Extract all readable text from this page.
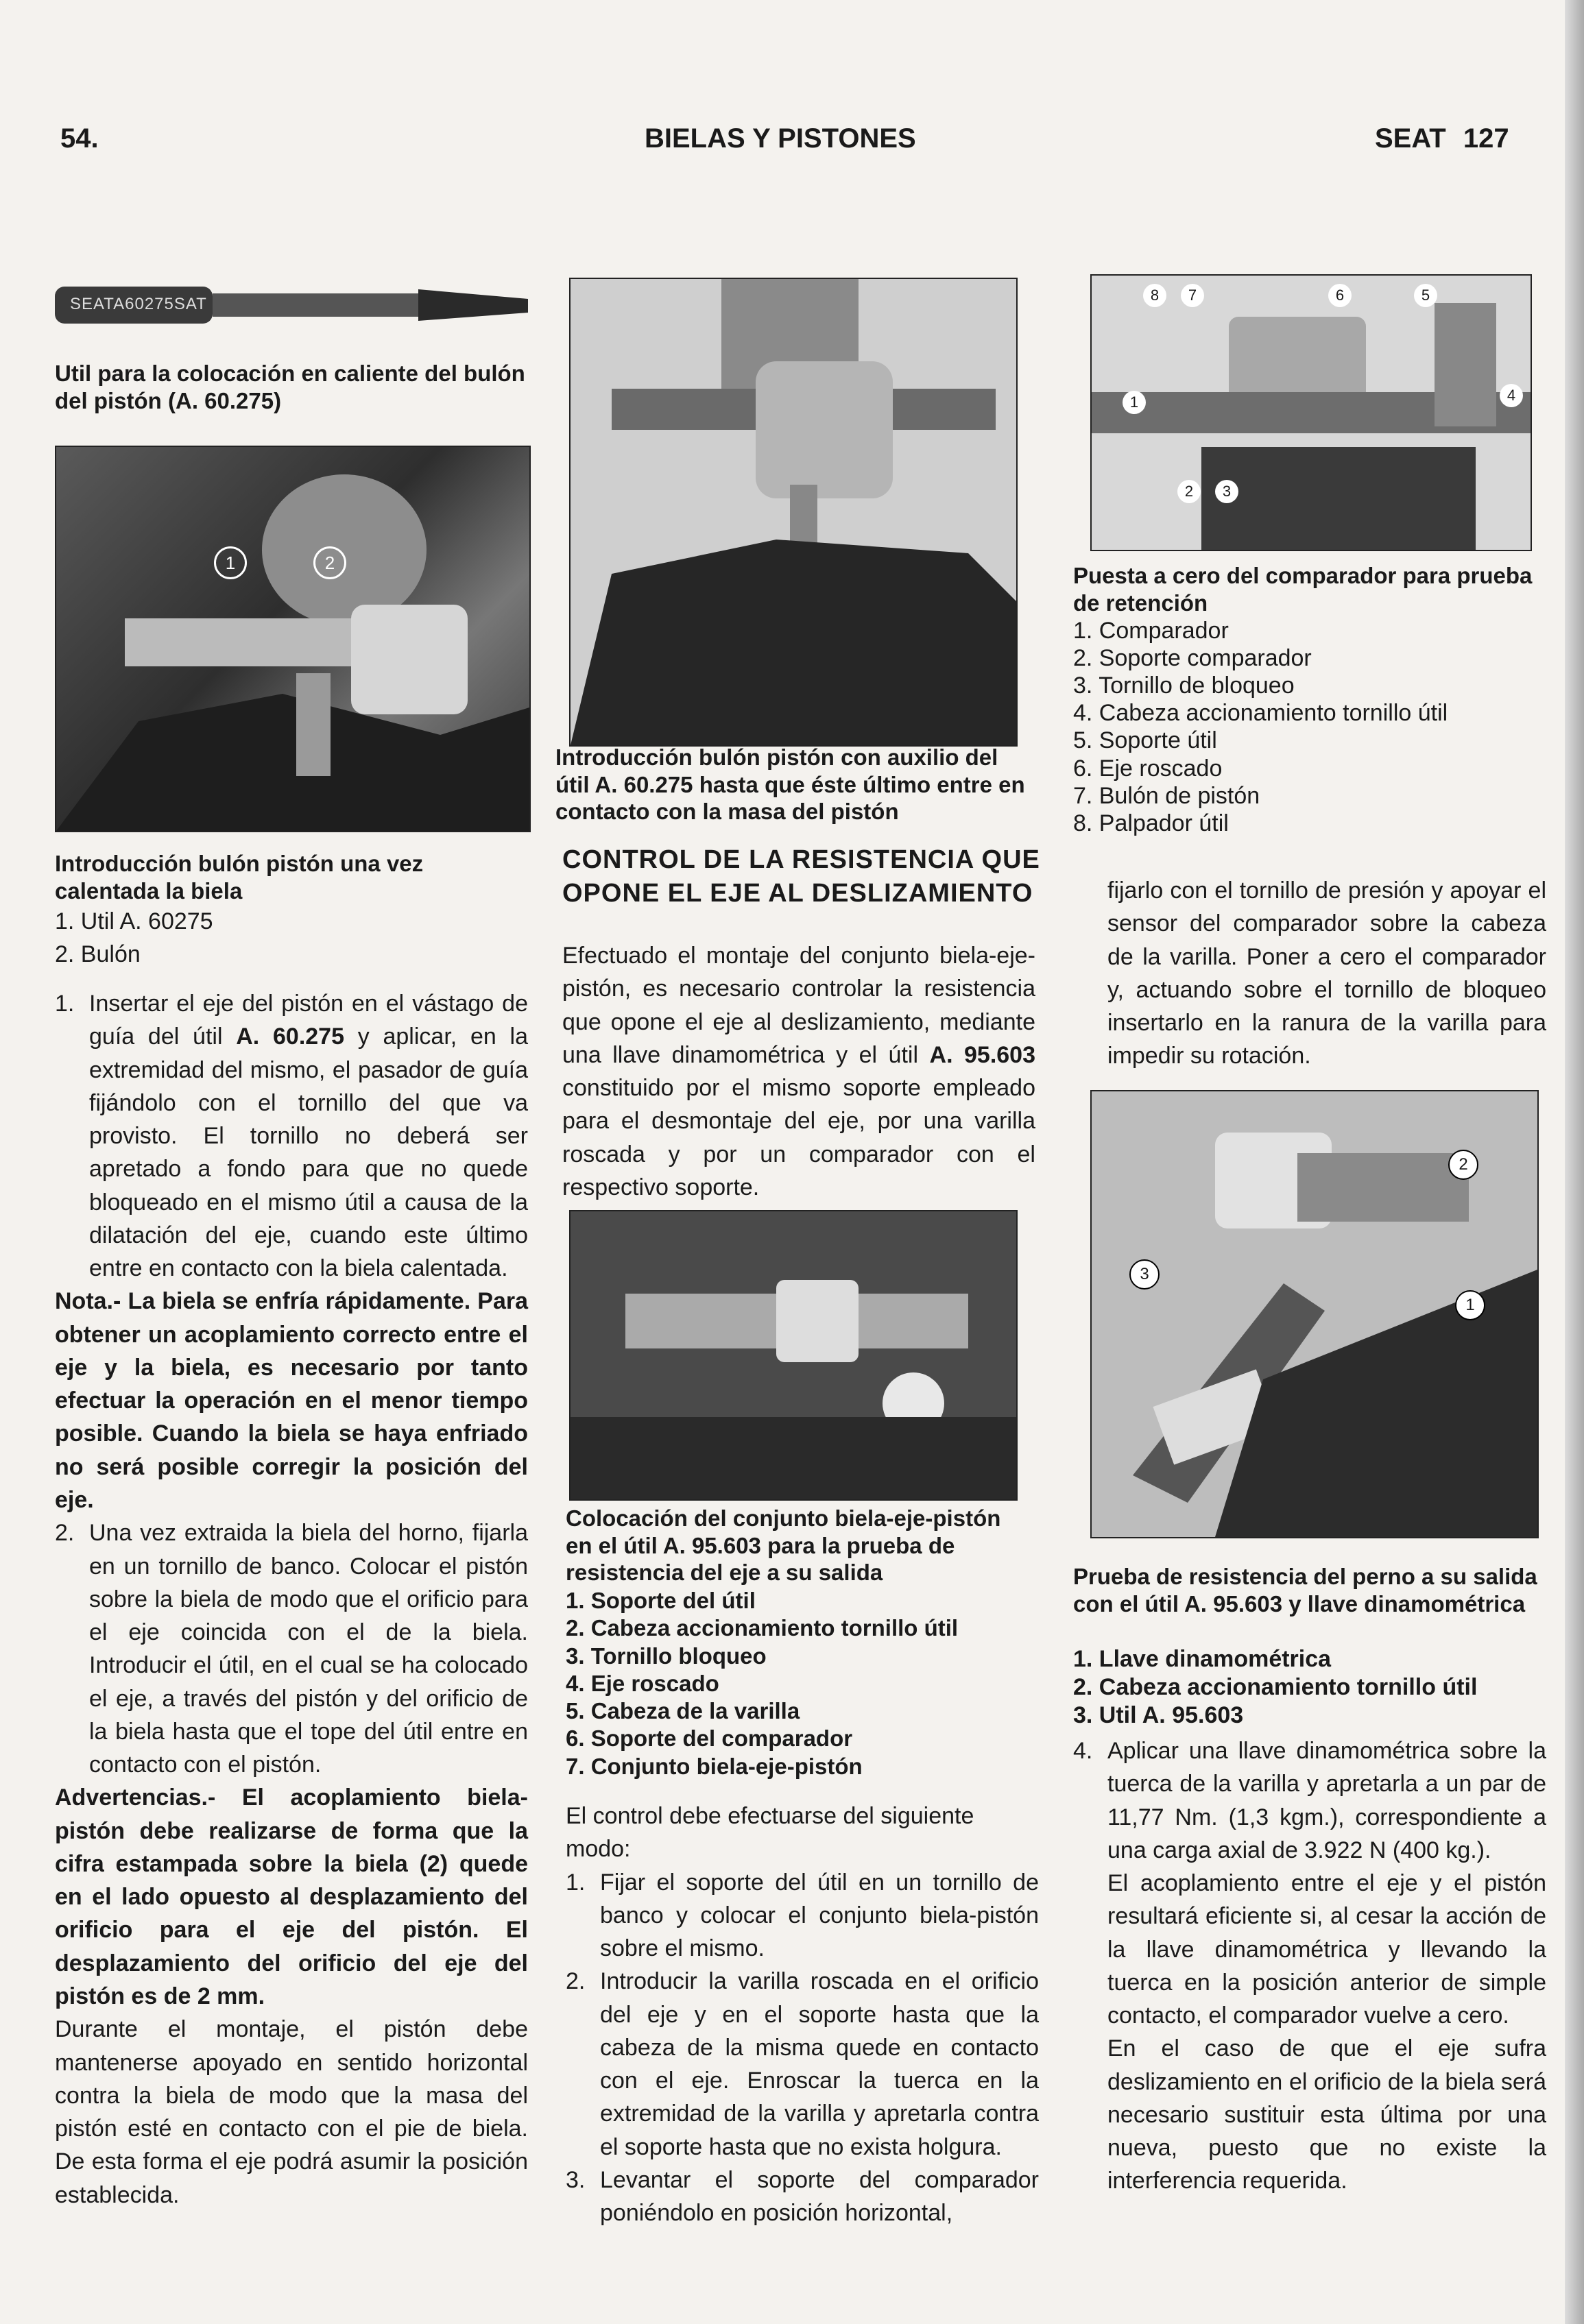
54.	BIELAS Y PISTONES	SEAT 127
SEATA60275SAT
Util para la colocación en caliente del bulón del pistón (A. 60.275)
1	2
Introducción bulón pistón una vez calentada la biela
1. Util A. 60275
2. Bulón
1. Insertar el eje del pistón en el vástago de guía del útil A. 60.275 y aplicar, en la extremidad del mismo, el pasador de guía fijándolo con el tornillo del que va provisto. El tornillo no deberá ser apretado a fondo para que no quede bloqueado en el mismo útil a causa de la dilatación del eje, cuando este último entre en contacto con la biela calentada.

Nota.- La biela se enfría rápidamente. Para obtener un acoplamiento correcto entre el eje y la biela, es necesario por tanto efectuar la operación en el menor tiempo posible. Cuando la biela se haya enfriado no será posible corregir la posición del eje.

2. Una vez extraida la biela del horno, fijarla en un tornillo de banco. Colocar el pistón sobre la biela de modo que el orificio para el eje coincida con el de la biela. Introducir el útil, en el cual se ha colocado el eje, a través del pistón y del orificio de la biela hasta que el tope del útil entre en contacto con el pistón.

Advertencias.- El acoplamiento biela-pistón debe realizarse de forma que la cifra estampada sobre la biela (2) quede en el lado opuesto al desplazamiento del orificio para el eje del pistón. El desplazamiento del orificio del eje del pistón es de 2 mm.

Durante el montaje, el pistón debe mantenerse apoyado en sentido horizontal contra la biela de modo que la masa del pistón esté en contacto con el pie de biela. De esta forma el eje podrá asumir la posición establecida.

Introducción bulón pistón con auxilio del útil A. 60.275 hasta que éste último entre en contacto con la masa del pistón
CONTROL DE LA RESISTENCIA QUE OPONE EL EJE AL DESLIZAMIENTO
Efectuado el montaje del conjunto biela-eje-pistón, es necesario controlar la resistencia que opone el eje al deslizamiento, mediante una llave dinamométrica y el útil A. 95.603 constituido por el mismo soporte empleado para el desmontaje del eje, por una varilla roscada y por un comparador con el respectivo soporte.
Colocación del conjunto biela-eje-pistón en el útil A. 95.603 para la prueba de resistencia del eje a su salida
1. Soporte del útil
2. Cabeza accionamiento tornillo útil
3. Tornillo bloqueo
4. Eje roscado
5. Cabeza de la varilla
6. Soporte del comparador
7. Conjunto biela-eje-pistón

El control debe efectuarse del siguiente modo:

1. Fijar el soporte del útil en un tornillo de banco y colocar el conjunto biela-pistón sobre el mismo.
2. Introducir la varilla roscada en el orificio del eje y en el soporte hasta que la cabeza de la misma quede en contacto con el eje. Enroscar la tuerca en la extremidad de la varilla y apretarla contra el soporte hasta que no exista holgura.
3. Levantar el soporte del comparador poniéndolo en posición horizontal,
8	7	6	5
1
2	3
4
Puesta a cero del comparador para prueba de retención
1. Comparador
2. Soporte comparador
3. Tornillo de bloqueo
4. Cabeza accionamiento tornillo útil
5. Soporte útil
6. Eje roscado
7. Bulón de pistón
8. Palpador útil
fijarlo con el tornillo de presión y apoyar el sensor del comparador sobre la cabeza de la varilla. Poner a cero el comparador y, actuando sobre el tornillo de bloqueo insertarlo en la ranura de la varilla para impedir su rotación.
2
3
1
Prueba de resistencia del perno a su salida con el útil A. 95.603 y llave dinamométrica
1. Llave dinamométrica
2. Cabeza accionamiento tornillo útil
3. Util A. 95.603
4. Aplicar una llave dinamométrica sobre la tuerca de la varilla y apretarla a un par de 11,77 Nm. (1,3 kgm.), correspondiente a una carga axial de 3.922 N (400 kg.).

El acoplamiento entre el eje y el pistón resultará eficiente si, al cesar la acción de la llave dinamométrica y llevando la tuerca en la posición anterior de simple contacto, el comparador vuelve a cero.

En el caso de que el eje sufra deslizamiento en el orificio de la biela será necesario sustituir esta última por una nueva, puesto que no existe la interferencia requerida.
